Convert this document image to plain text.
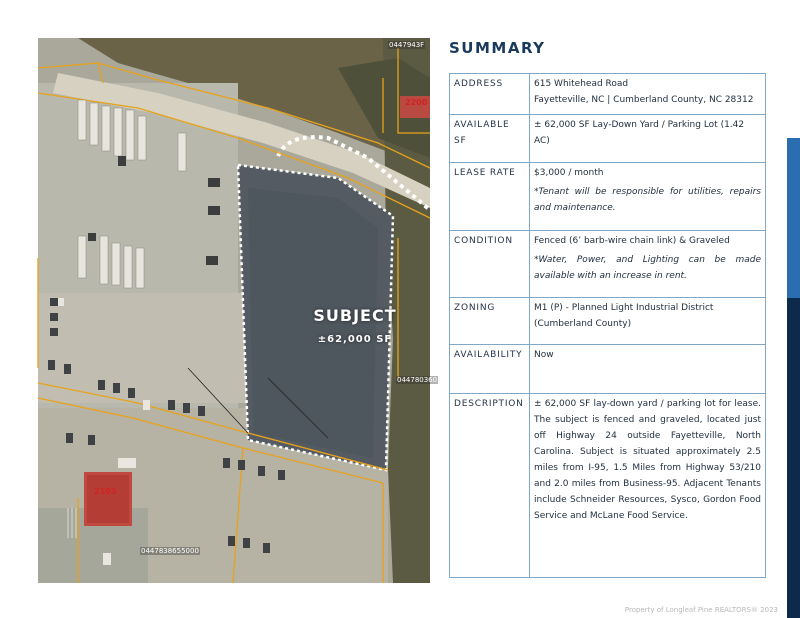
SUBJECT
±62,000 SF
0447943F
044780360
0447838655000
2103
2200
SUMMARY
ADDRESS	615 Whitehead Road
Fayetteville, NC | Cumberland County, NC 28312
AVAILABLE SF	± 62,000 SF Lay-Down Yard / Parking Lot (1.42 AC)
LEASE RATE	$3,000 / month
*Tenant will be responsible for utilities, repairs and maintenance.

CONDITION	Fenced (6’ barb-wire chain link) & Graveled
*Water, Power, and Lighting can be made available with an increase in rent.

ZONING	M1 (P) - Planned Light Industrial District
(Cumberland County)
AVAILABILITY	Now
DESCRIPTION	± 62,000 SF lay-down yard / parking lot for lease. The subject is fenced and graveled, located just off Highway 24 outside Fayetteville, North Carolina. Subject is situated approximately 2.5 miles from I-95, 1.5 Miles from Highway 53/210 and 2.0 miles from Business-95. Adjacent Tenants include Schneider Resources, Sysco, Gordon Food Service and McLane Food Service.
Property of Longleaf Pine REALTORS® 2023
